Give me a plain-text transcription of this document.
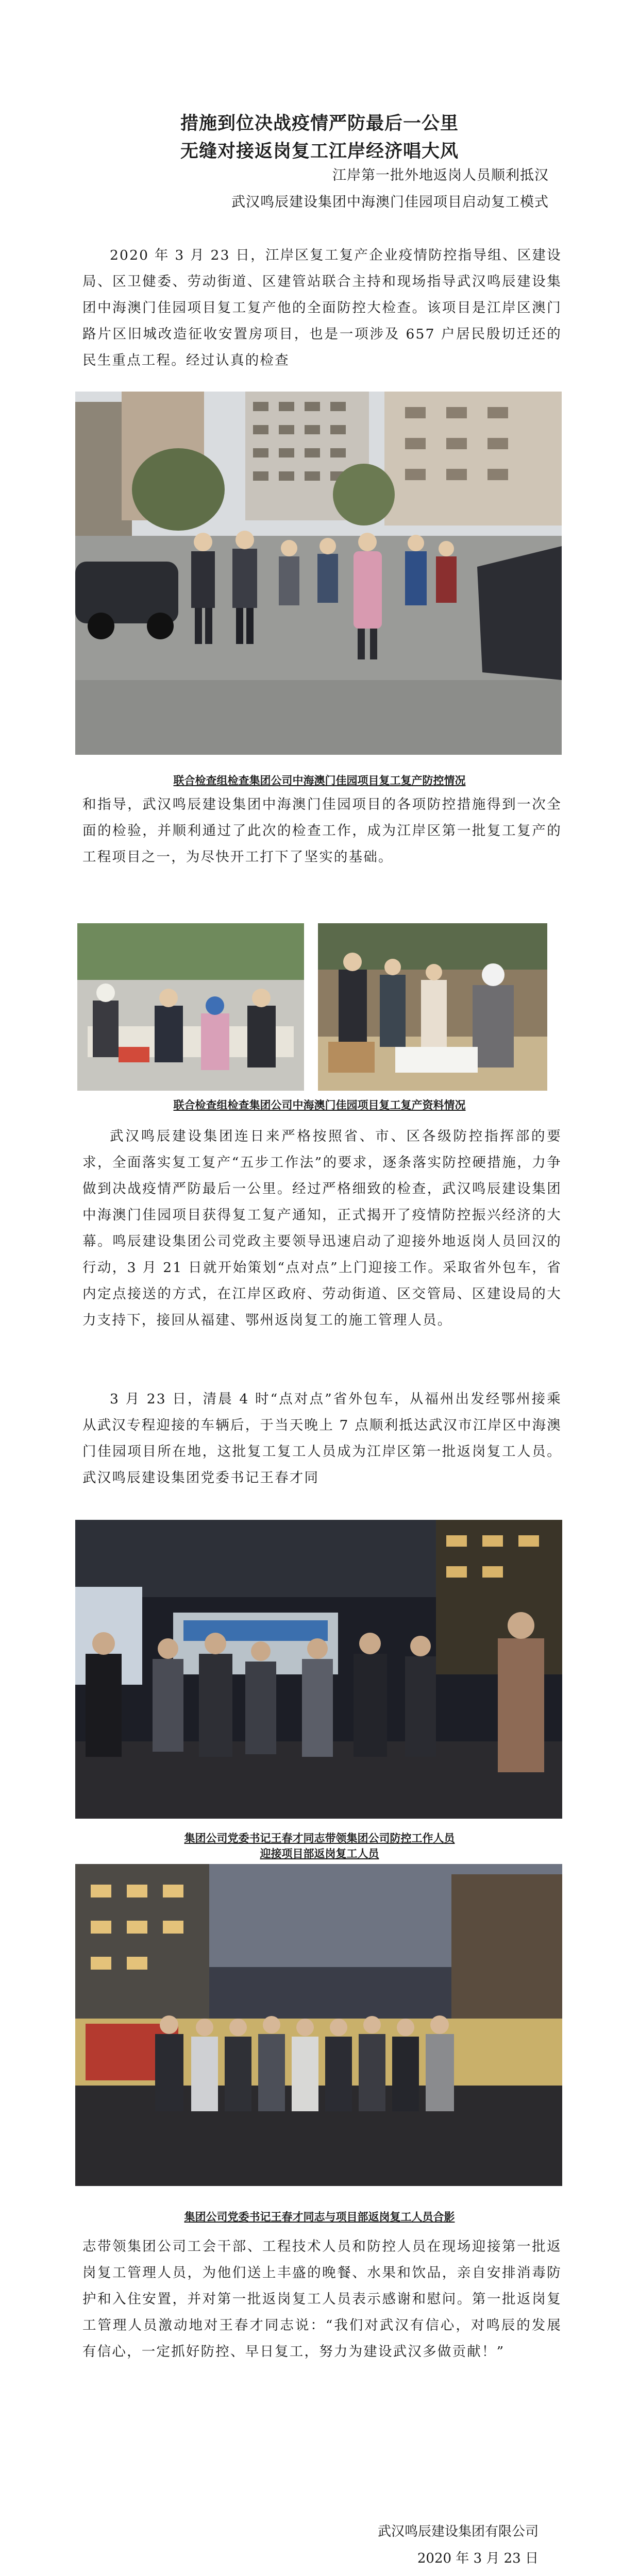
措施到位决战疫情严防最后一公里
无缝对接返岗复工江岸经济唱大风
江岸第一批外地返岗人员顺利抵汉
武汉鸣辰建设集团中海澳门佳园项目启动复工模式

2020 年 3 月 23 日，江岸区复工复产企业疫情防控指导组、区建设局、区卫健委、劳动街道、区建管站联合主持和现场指导武汉鸣辰建设集团中海澳门佳园项目复工复产他的全面防控大检查。该项目是江岸区澳门路片区旧城改造征收安置房项目，也是一项涉及 657 户居民殷切迁还的民生重点工程。经过认真的检查

联合检查组检查集团公司中海澳门佳园项目复工复产防控情况

和指导，武汉鸣辰建设集团中海澳门佳园项目的各项防控措施得到一次全面的检验，并顺利通过了此次的检查工作，成为江岸区第一批复工复产的工程项目之一，为尽快开工打下了坚实的基础。

联合检查组检查集团公司中海澳门佳园项目复工复产资料情况

武汉鸣辰建设集团连日来严格按照省、市、区各级防控指挥部的要求，全面落实复工复产“五步工作法”的要求，逐条落实防控硬措施，力争做到决战疫情严防最后一公里。经过严格细致的检查，武汉鸣辰建设集团中海澳门佳园项目获得复工复产通知，正式揭开了疫情防控振兴经济的大幕。鸣辰建设集团公司党政主要领导迅速启动了迎接外地返岗人员回汉的行动，3 月 21 日就开始策划“点对点”上门迎接工作。采取省外包车，省内定点接送的方式，在江岸区政府、劳动街道、区交管局、区建设局的大力支持下，接回从福建、鄂州返岗复工的施工管理人员。

3 月 23 日，清晨 4 时“点对点”省外包车，从福州出发经鄂州接乘从武汉专程迎接的车辆后，于当天晚上 7 点顺利抵达武汉市江岸区中海澳门佳园项目所在地，这批复工复工人员成为江岸区第一批返岗复工人员。武汉鸣辰建设集团党委书记王春才同

集团公司党委书记王春才同志带领集团公司防控工作人员
迎接项目部返岗复工人员
集团公司党委书记王春才同志与项目部返岗复工人员合影

志带领集团公司工会干部、工程技术人员和防控人员在现场迎接第一批返岗复工管理人员，为他们送上丰盛的晚餐、水果和饮品，亲自安排消毒防护和入住安置，并对第一批返岗复工人员表示感谢和慰问。第一批返岗复工管理人员激动地对王春才同志说：“我们对武汉有信心，对鸣辰的发展有信心，一定抓好防控、早日复工，努力为建设武汉多做贡献！”

武汉鸣辰建设集团有限公司
2020 年 3 月 23 日
